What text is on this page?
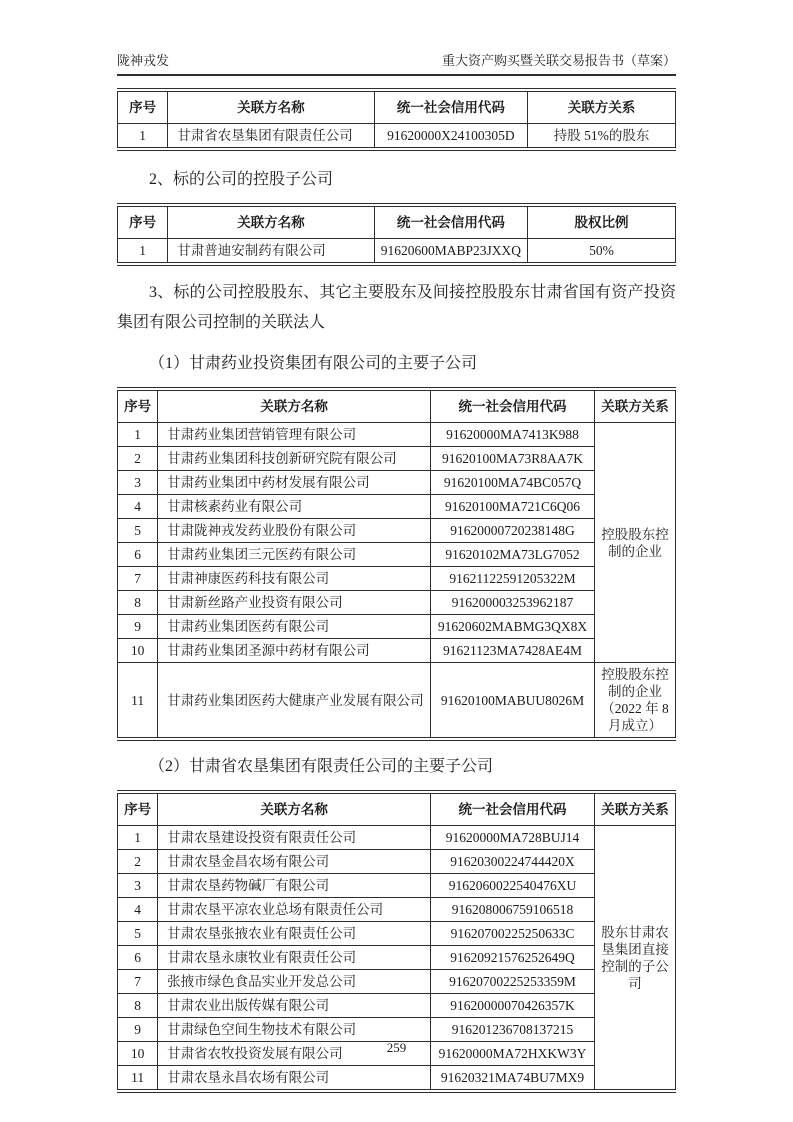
陇神戎发	重大资产购买暨关联交易报告书（草案）
序号	关联方名称	统一社会信用代码	关联方关系
1	甘肃省农垦集团有限责任公司	91620000X24100305D	持股 51%的股东
2、标的公司的控股子公司
序号	关联方名称	统一社会信用代码	股权比例
1	甘肃普迪安制药有限公司	91620600MABP23JXXQ	50%
3、标的公司控股股东、其它主要股东及间接控股股东甘肃省国有资产投资集团有限公司控制的关联法人
（1）甘肃药业投资集团有限公司的主要子公司
序号	关联方名称	统一社会信用代码	关联方关系
1	甘肃药业集团营销管理有限公司	91620000MA7413K988	控股股东控制的企业
2	甘肃药业集团科技创新研究院有限公司	91620100MA73R8AA7K	
3	甘肃药业集团中药材发展有限公司	91620100MA74BC057Q	
4	甘肃核素药业有限公司	91620100MA721C6Q06	
5	甘肃陇神戎发药业股份有限公司	91620000720238148G	
6	甘肃药业集团三元医药有限公司	91620102MA73LG7052	
7	甘肃神康医药科技有限公司	91621122591205322M	
8	甘肃新丝路产业投资有限公司	916200003253962187	
9	甘肃药业集团医药有限公司	91620602MABMG3QX8X	
10	甘肃药业集团圣源中药材有限公司	91621123MA7428AE4M	
11	甘肃药业集团医药大健康产业发展有限公司	91620100MABUU8026M	控股股东控制的企业（2022 年 8 月成立）
（2）甘肃省农垦集团有限责任公司的主要子公司
序号	关联方名称	统一社会信用代码	关联方关系
1	甘肃农垦建设投资有限责任公司	91620000MA728BUJ14	股东甘肃农垦集团直接控制的子公司
2	甘肃农垦金昌农场有限公司	91620300224744420X	
3	甘肃农垦药物碱厂有限公司	9162060022540476XU	
4	甘肃农垦平凉农业总场有限责任公司	916208006759106518	
5	甘肃农垦张掖农业有限责任公司	91620700225250633C	
6	甘肃农垦永康牧业有限责任公司	91620921576252649Q	
7	张掖市绿色食品实业开发总公司	91620700225253359M	
8	甘肃农业出版传媒有限公司	91620000070426357K	
9	甘肃绿色空间生物技术有限公司	916201236708137215	
10	甘肃省农牧投资发展有限公司	91620000MA72HXKW3Y	
11	甘肃农垦永昌农场有限公司	91620321MA74BU7MX9	
259
